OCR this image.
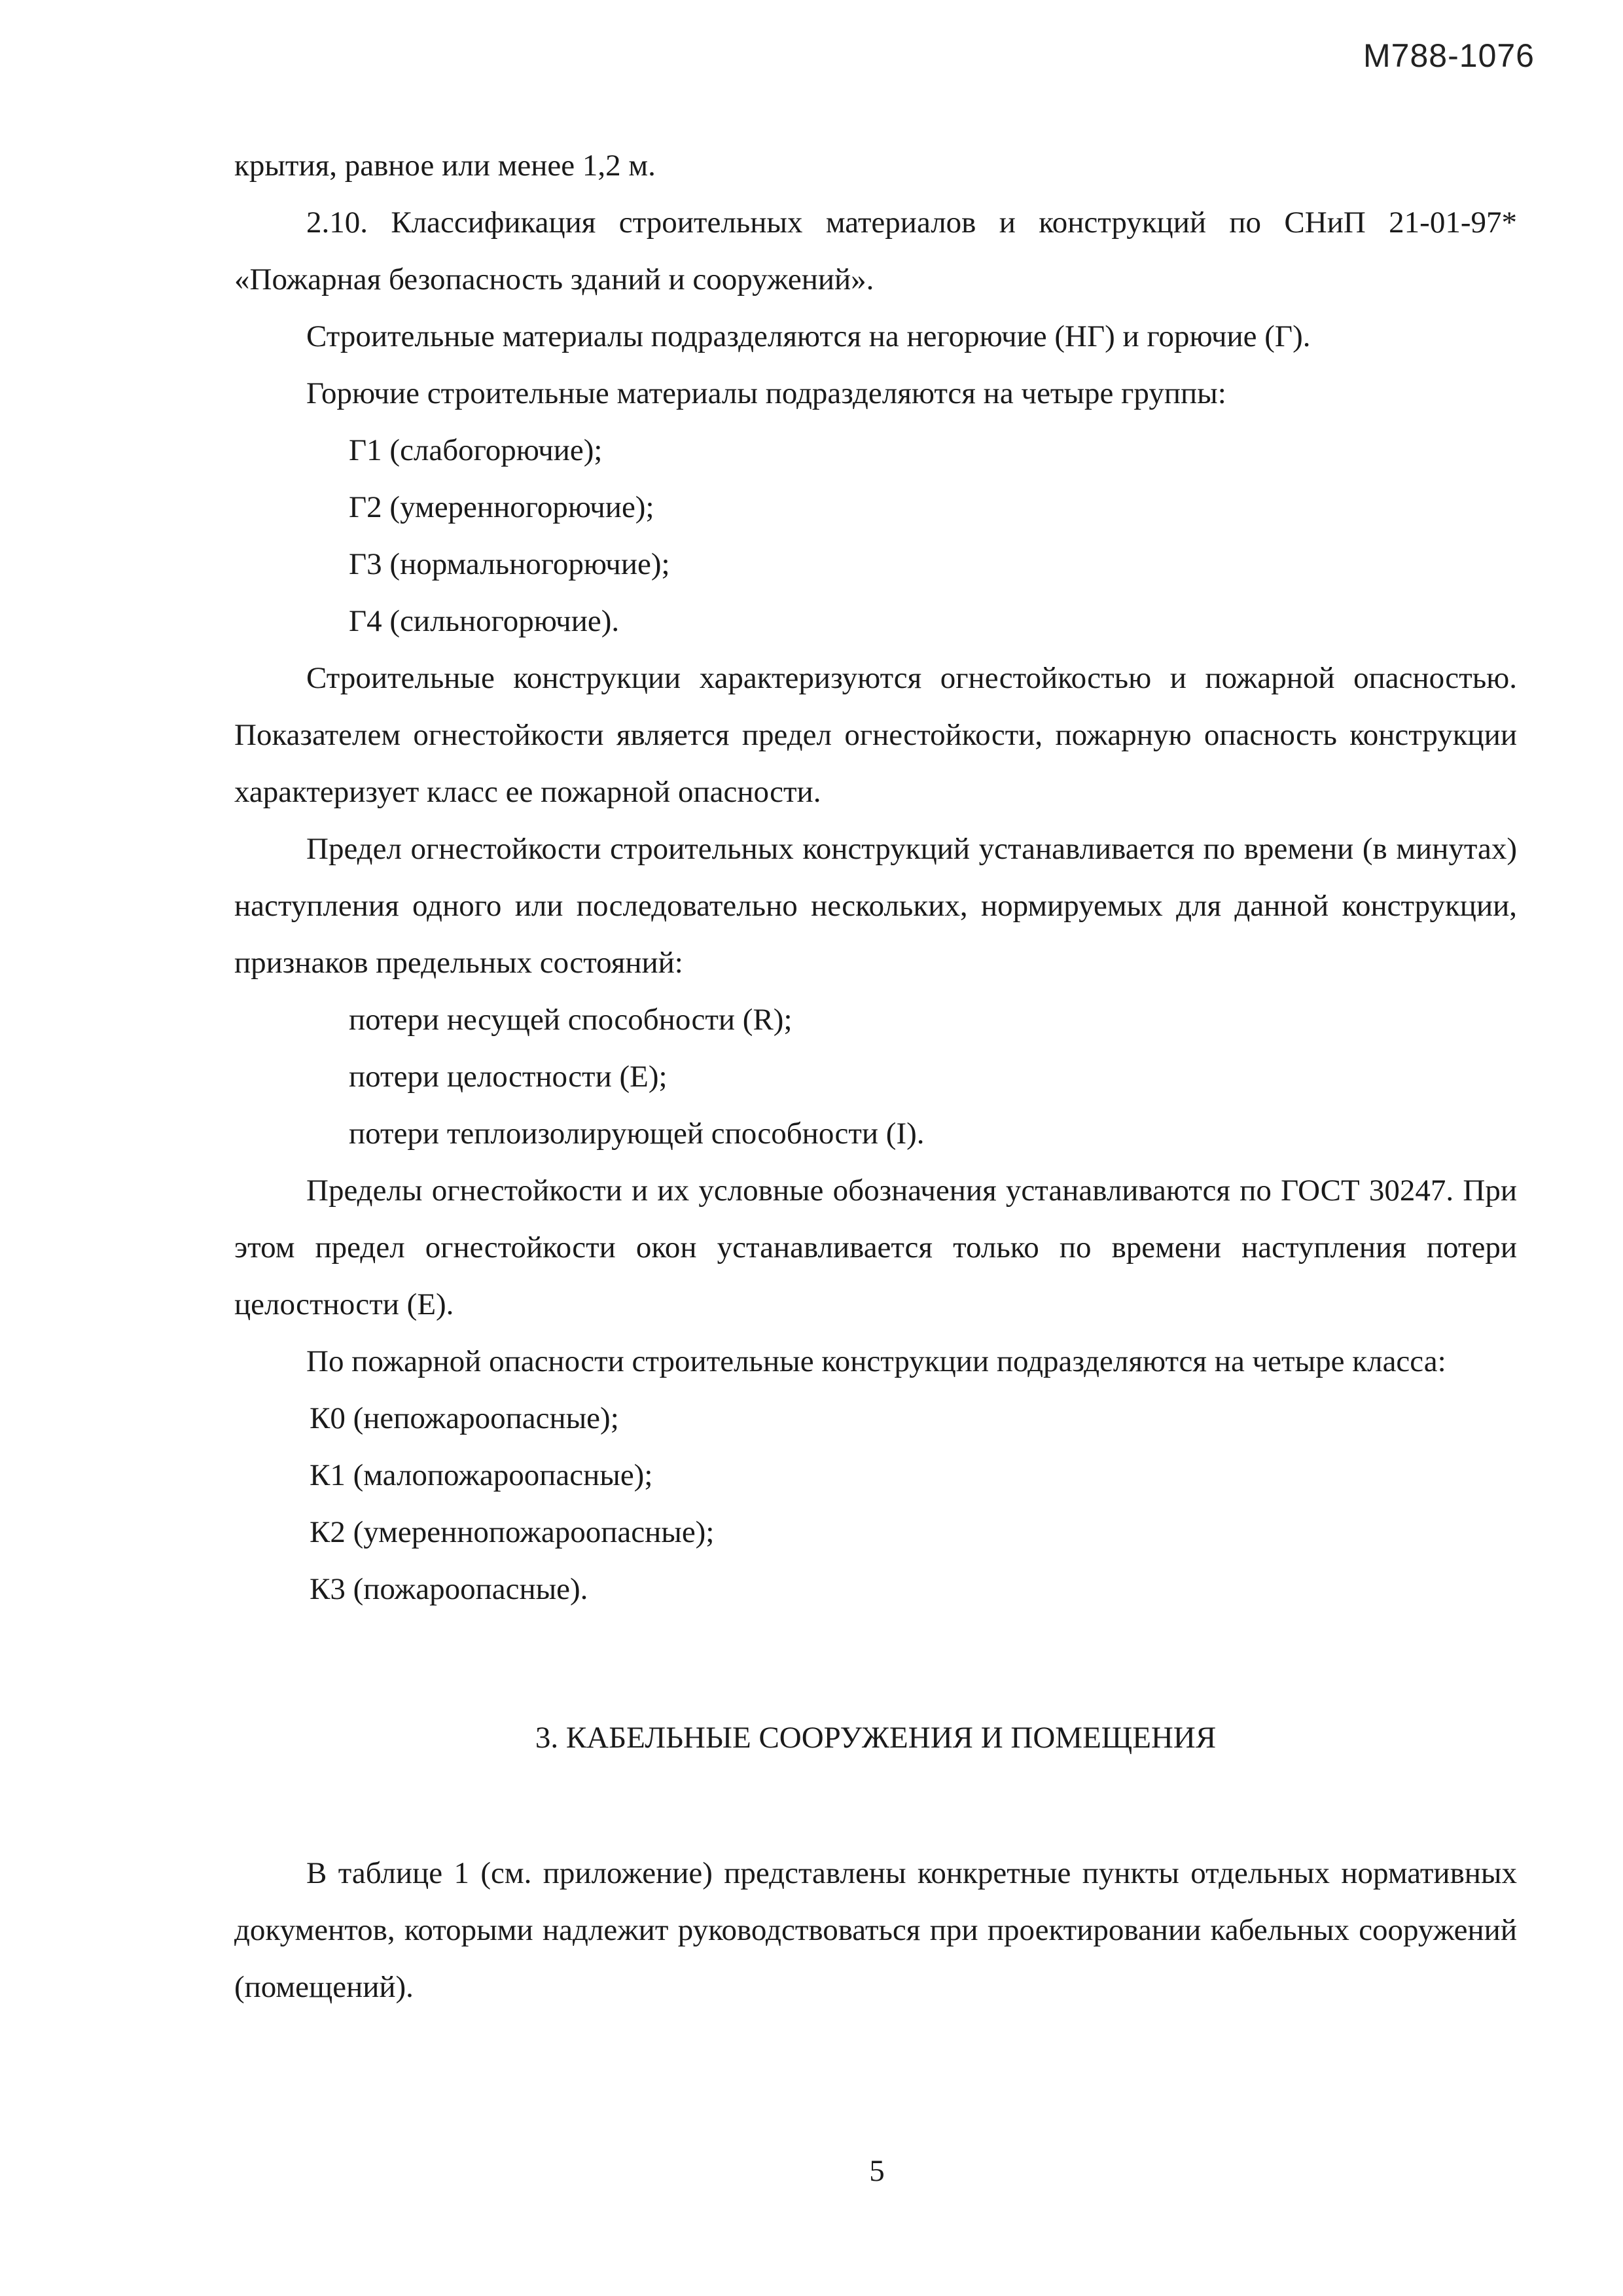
М788-1076

крытия, равное или менее 1,2 м.

2.10. Классификация строительных материалов и конструкций по СНиП 21-01-97* «Пожарная безопасность зданий и сооружений».

Строительные материалы подразделяются на негорючие (НГ) и горючие (Г).

Горючие строительные материалы подразделяются на четыре группы:

Г1 (слабогорючие);

Г2 (умеренногорючие);

Г3 (нормальногорючие);

Г4 (сильногорючие).

Строительные конструкции характеризуются огнестойкостью и пожарной опасностью. Показателем огнестойкости является предел огнестойкости, пожарную опасность конструкции характеризует класс ее пожарной опасности.

Предел огнестойкости строительных конструкций устанавливается по времени (в минутах) наступления одного или последовательно нескольких, нормируемых для данной конструкции, признаков предельных состояний:

потери несущей способности (R);

потери целостности (Е);

потери теплоизолирующей способности (I).

Пределы огнестойкости и их условные обозначения устанавливаются по ГОСТ 30247. При этом предел огнестойкости окон устанавливается только по времени наступления потери целостности (Е).

По пожарной опасности строительные конструкции подразделяются на четыре класса:

К0 (непожароопасные);

К1 (малопожароопасные);

К2 (умереннопожароопасные);

К3 (пожароопасные).

3. КАБЕЛЬНЫЕ СООРУЖЕНИЯ И ПОМЕЩЕНИЯ

В таблице 1 (см. приложение) представлены конкретные пункты отдельных нормативных документов, которыми надлежит руководствоваться при проектировании кабельных сооружений (помещений).

5
